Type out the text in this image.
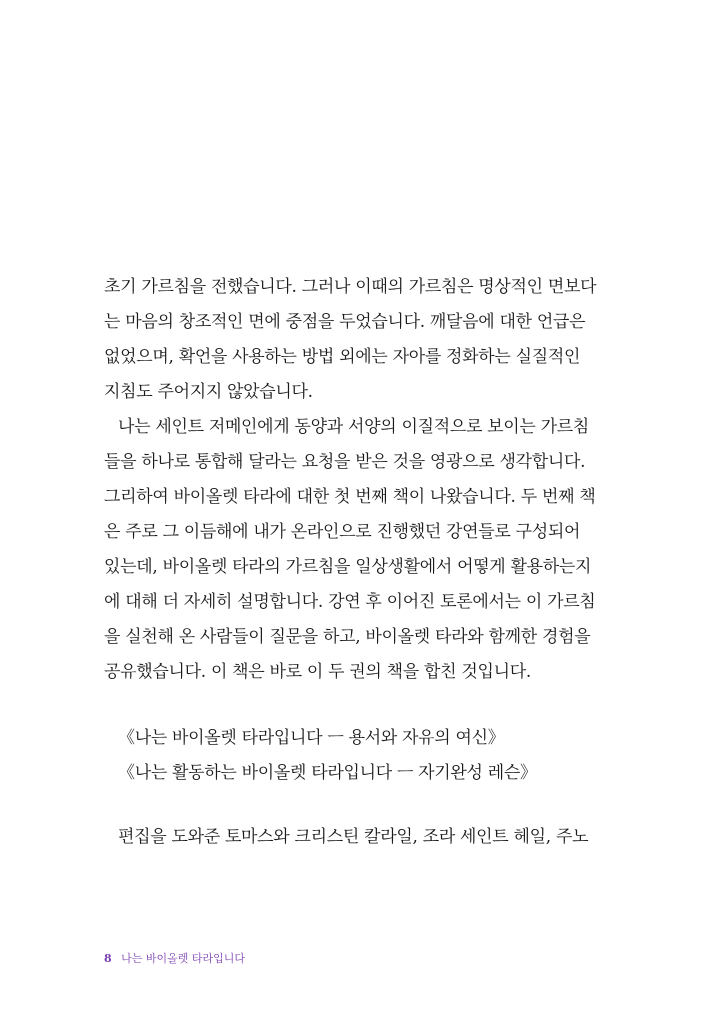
초기 가르침을 전했습니다. 그러나 이때의 가르침은 명상적인 면보다
는 마음의 창조적인 면에 중점을 두었습니다. 깨달음에 대한 언급은
없었으며, 확언을 사용하는 방법 외에는 자아를 정화하는 실질적인
지침도 주어지지 않았습니다.
나는 세인트 저메인에게 동양과 서양의 이질적으로 보이는 가르침
들을 하나로 통합해 달라는 요청을 받은 것을 영광으로 생각합니다.
그리하여 바이올렛 타라에 대한 첫 번째 책이 나왔습니다. 두 번째 책
은 주로 그 이듬해에 내가 온라인으로 진행했던 강연들로 구성되어
있는데, 바이올렛 타라의 가르침을 일상생활에서 어떻게 활용하는지
에 대해 더 자세히 설명합니다. 강연 후 이어진 토론에서는 이 가르침
을 실천해 온 사람들이 질문을 하고, 바이올렛 타라와 함께한 경험을
공유했습니다. 이 책은 바로 이 두 권의 책을 합친 것입니다.
《나는 바이올렛 타라입니다 ㅡ 용서와 자유의 여신》
《나는 활동하는 바이올렛 타라입니다 ㅡ 자기완성 레슨》
편집을 도와준 토마스와 크리스틴 칼라일, 조라 세인트 헤일, 주노
8 나는 바이올렛 타라입니다
